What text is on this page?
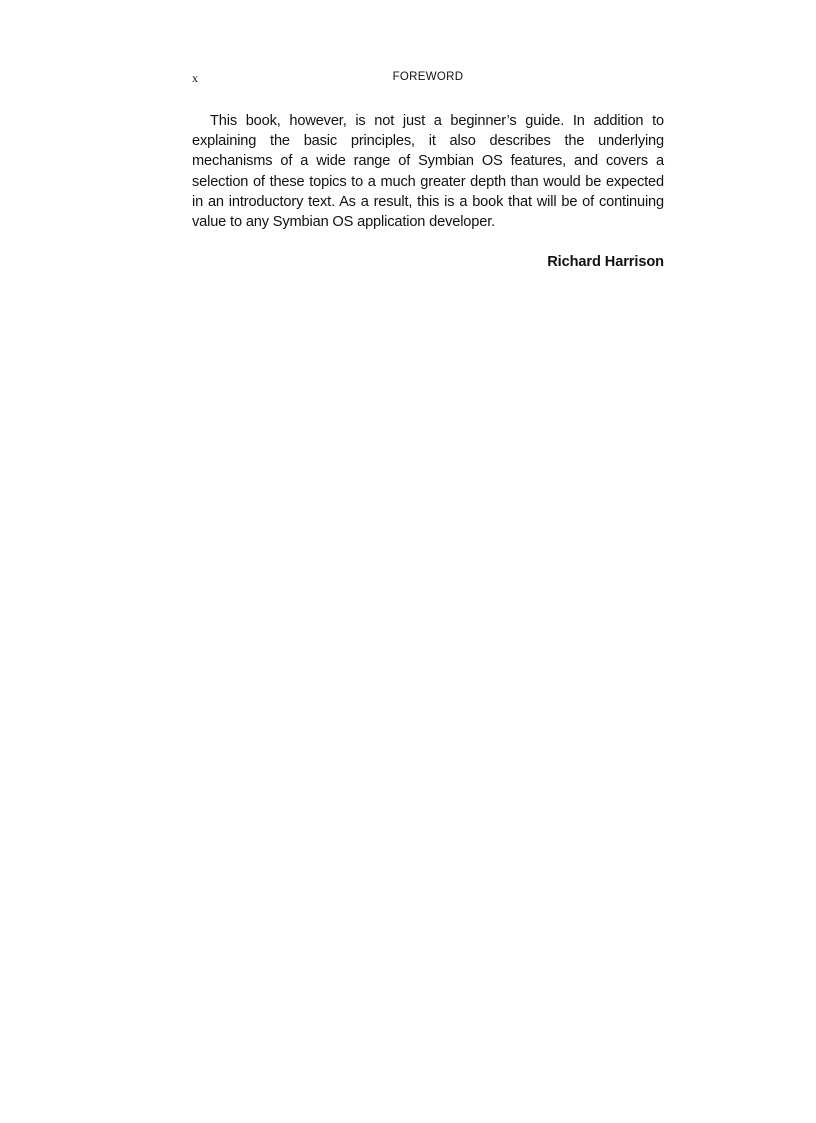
x	FOREWORD

This book, however, is not just a beginner’s guide. In addition to explaining the basic principles, it also describes the underlying mechanisms of a wide range of Symbian OS features, and covers a selection of these topics to a much greater depth than would be expected in an introductory text. As a result, this is a book that will be of continuing value to any Symbian OS application developer.

Richard Harrison
